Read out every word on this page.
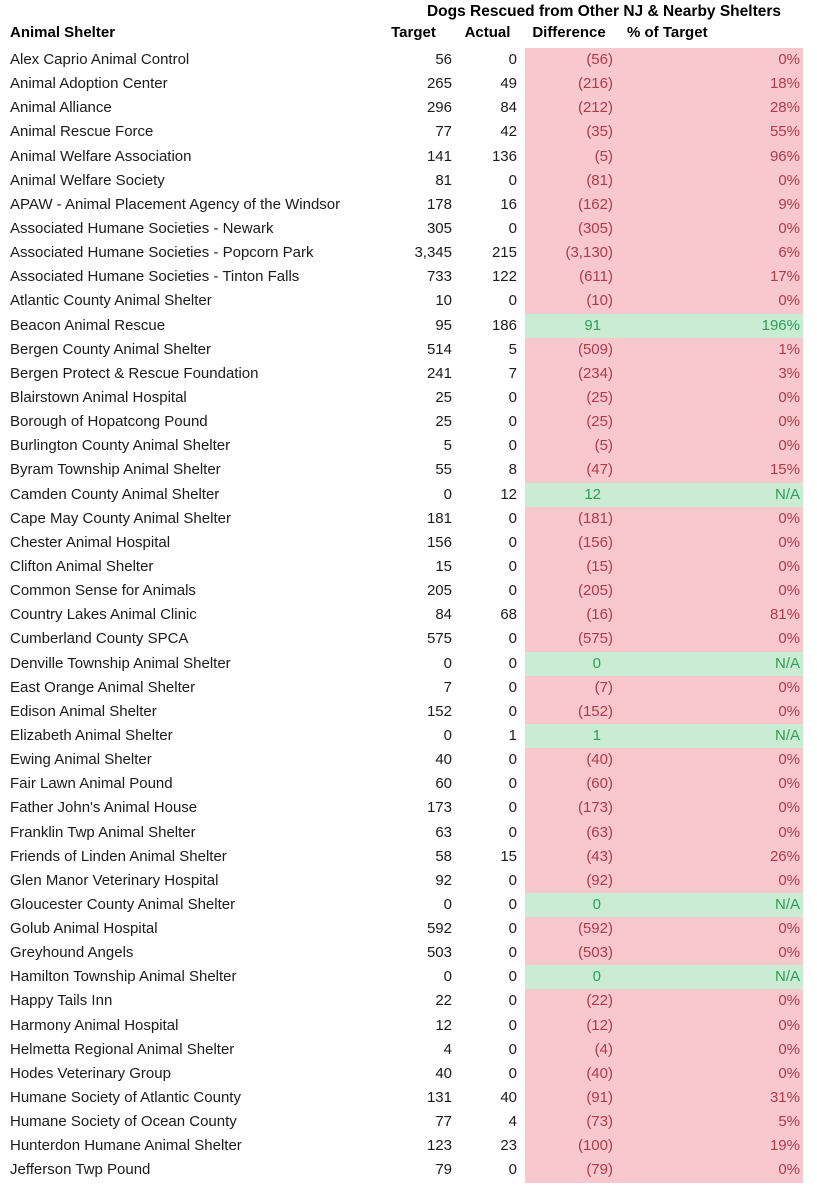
Dogs Rescued from Other NJ & Nearby Shelters
Animal Shelter	Target	Actual	Difference	% of Target
Alex Caprio Animal Control	56	0	(56)	0%
Animal Adoption Center	265	49	(216)	18%
Animal Alliance	296	84	(212)	28%
Animal Rescue Force	77	42	(35)	55%
Animal Welfare Association	141	136	(5)	96%
Animal Welfare Society	81	0	(81)	0%
APAW - Animal Placement Agency of the Windsor	178	16	(162)	9%
Associated Humane Societies - Newark	305	0	(305)	0%
Associated Humane Societies - Popcorn Park	3,345	215	(3,130)	6%
Associated Humane Societies - Tinton Falls	733	122	(611)	17%
Atlantic County Animal Shelter	10	0	(10)	0%
Beacon Animal Rescue	95	186	91	196%
Bergen County Animal Shelter	514	5	(509)	1%
Bergen Protect & Rescue Foundation	241	7	(234)	3%
Blairstown Animal Hospital	25	0	(25)	0%
Borough of Hopatcong Pound	25	0	(25)	0%
Burlington County Animal Shelter	5	0	(5)	0%
Byram Township Animal Shelter	55	8	(47)	15%
Camden County Animal Shelter	0	12	12	N/A
Cape May County Animal Shelter	181	0	(181)	0%
Chester Animal Hospital	156	0	(156)	0%
Clifton Animal Shelter	15	0	(15)	0%
Common Sense for Animals	205	0	(205)	0%
Country Lakes Animal Clinic	84	68	(16)	81%
Cumberland County SPCA	575	0	(575)	0%
Denville Township Animal Shelter	0	0	0	N/A
East Orange Animal Shelter	7	0	(7)	0%
Edison Animal Shelter	152	0	(152)	0%
Elizabeth Animal Shelter	0	1	1	N/A
Ewing Animal Shelter	40	0	(40)	0%
Fair Lawn Animal Pound	60	0	(60)	0%
Father John's Animal House	173	0	(173)	0%
Franklin Twp Animal Shelter	63	0	(63)	0%
Friends of Linden Animal Shelter	58	15	(43)	26%
Glen Manor Veterinary Hospital	92	0	(92)	0%
Gloucester County Animal Shelter	0	0	0	N/A
Golub Animal Hospital	592	0	(592)	0%
Greyhound Angels	503	0	(503)	0%
Hamilton Township Animal Shelter	0	0	0	N/A
Happy Tails Inn	22	0	(22)	0%
Harmony Animal Hospital	12	0	(12)	0%
Helmetta Regional Animal Shelter	4	0	(4)	0%
Hodes Veterinary Group	40	0	(40)	0%
Humane Society of Atlantic County	131	40	(91)	31%
Humane Society of Ocean County	77	4	(73)	5%
Hunterdon Humane Animal Shelter	123	23	(100)	19%
Jefferson Twp Pound	79	0	(79)	0%
